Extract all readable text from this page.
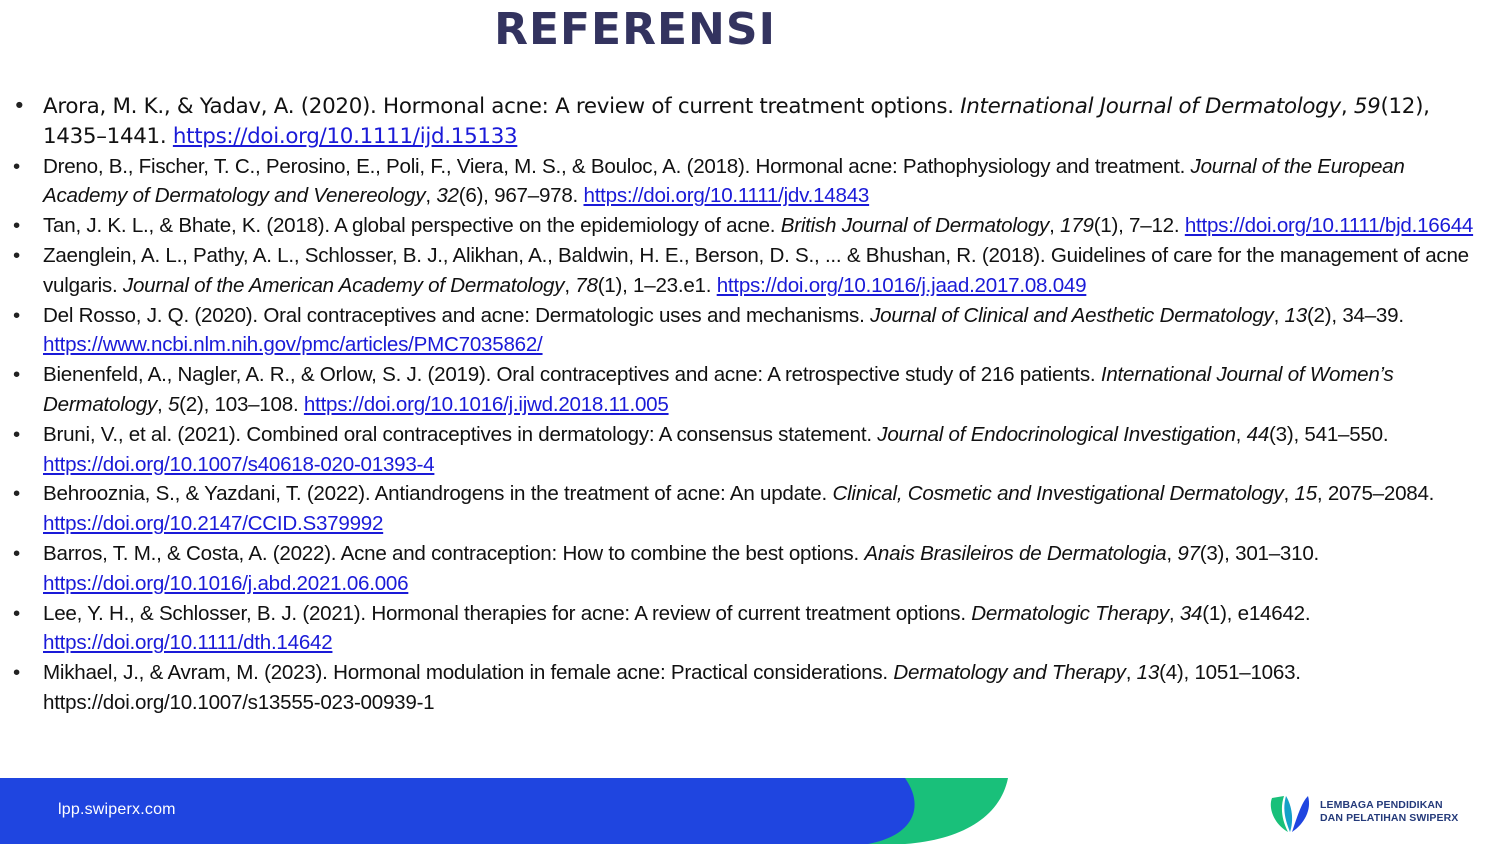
REFERENSI
• Arora, M. K., & Yadav, A. (2020). Hormonal acne: A review of current treatment options. International Journal of Dermatology, 59(12), 1435–1441. https://doi.org/10.1111/ijd.15133
• Dreno, B., Fischer, T. C., Perosino, E., Poli, F., Viera, M. S., & Bouloc, A. (2018). Hormonal acne: Pathophysiology and treatment. Journal of the European Academy of Dermatology and Venereology, 32(6), 967–978. https://doi.org/10.1111/jdv.14843
• Tan, J. K. L., & Bhate, K. (2018). A global perspective on the epidemiology of acne. British Journal of Dermatology, 179(1), 7–12. https://doi.org/10.1111/bjd.16644
• Zaenglein, A. L., Pathy, A. L., Schlosser, B. J., Alikhan, A., Baldwin, H. E., Berson, D. S., ... & Bhushan, R. (2018). Guidelines of care for the management of acne vulgaris. Journal of the American Academy of Dermatology, 78(1), 1–23.e1. https://doi.org/10.1016/j.jaad.2017.08.049
• Del Rosso, J. Q. (2020). Oral contraceptives and acne: Dermatologic uses and mechanisms. Journal of Clinical and Aesthetic Dermatology, 13(2), 34–39. https://www.ncbi.nlm.nih.gov/pmc/articles/PMC7035862/
• Bienenfeld, A., Nagler, A. R., & Orlow, S. J. (2019). Oral contraceptives and acne: A retrospective study of 216 patients. International Journal of Women’s Dermatology, 5(2), 103–108. https://doi.org/10.1016/j.ijwd.2018.11.005
• Bruni, V., et al. (2021). Combined oral contraceptives in dermatology: A consensus statement. Journal of Endocrinological Investigation, 44(3), 541–550. https://doi.org/10.1007/s40618-020-01393-4
• Behrooznia, S., & Yazdani, T. (2022). Antiandrogens in the treatment of acne: An update. Clinical, Cosmetic and Investigational Dermatology, 15, 2075–2084. https://doi.org/10.2147/CCID.S379992
• Barros, T. M., & Costa, A. (2022). Acne and contraception: How to combine the best options. Anais Brasileiros de Dermatologia, 97(3), 301–310. https://doi.org/10.1016/j.abd.2021.06.006
• Lee, Y. H., & Schlosser, B. J. (2021). Hormonal therapies for acne: A review of current treatment options. Dermatologic Therapy, 34(1), e14642. https://doi.org/10.1111/dth.14642
• Mikhael, J., & Avram, M. (2023). Hormonal modulation in female acne: Practical considerations. Dermatology and Therapy, 13(4), 1051–1063. https://doi.org/10.1007/s13555-023-00939-1
lpp.swiperx.com	LEMBAGA PENDIDIKAN
DAN PELATIHAN SWIPERX
